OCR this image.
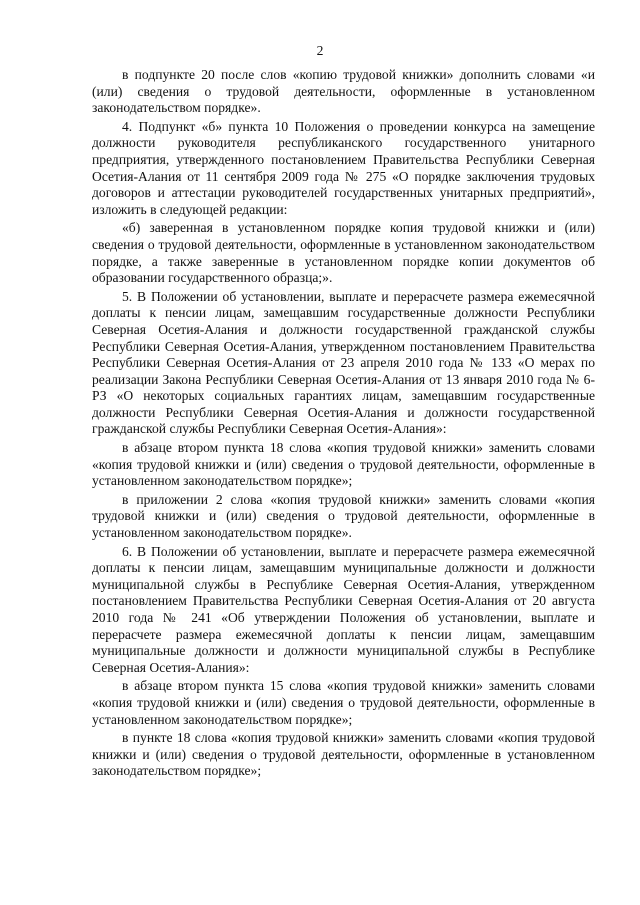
2

в подпункте 20 после слов «копию трудовой книжки» дополнить словами «и (или) сведения о трудовой деятельности, оформленные в установленном законодательством порядке».

4. Подпункт «б» пункта 10 Положения о проведении конкурса на замещение должности руководителя республиканского государственного унитарного предприятия, утвержденного постановлением Правительства Республики Северная Осетия-Алания от 11 сентября 2009 года № 275 «О порядке заключения трудовых договоров и аттестации руководителей государственных унитарных предприятий», изложить в следующей редакции:

«б) заверенная в установленном порядке копия трудовой книжки и (или) сведения о трудовой деятельности, оформленные в установленном законодательством порядке, а также заверенные в установленном порядке копии документов об образовании государственного образца;».

5. В Положении об установлении, выплате и перерасчете размера ежемесячной доплаты к пенсии лицам, замещавшим государственные должности Республики Северная Осетия-Алания и должности государственной гражданской службы Республики Северная Осетия-Алания, утвержденном постановлением Правительства Республики Северная Осетия-Алания от 23 апреля 2010 года № 133 «О мерах по реализации Закона Республики Северная Осетия-Алания от 13 января 2010 года № 6-РЗ «О некоторых социальных гарантиях лицам, замещавшим государственные должности Республики Северная Осетия-Алания и должности государственной гражданской службы Республики Северная Осетия-Алания»:

в абзаце втором пункта 18 слова «копия трудовой книжки» заменить словами «копия трудовой книжки и (или) сведения о трудовой деятельности, оформленные в установленном законодательством порядке»;

в приложении 2 слова «копия трудовой книжки» заменить словами «копия трудовой книжки и (или) сведения о трудовой деятельности, оформленные в установленном законодательством порядке».

6. В Положении об установлении, выплате и перерасчете размера ежемесячной доплаты к пенсии лицам, замещавшим муниципальные должности и должности муниципальной службы в Республике Северная Осетия-Алания, утвержденном постановлением Правительства Республики Северная Осетия-Алания от 20 августа 2010 года № 241 «Об утверждении Положения об установлении, выплате и перерасчете размера ежемесячной доплаты к пенсии лицам, замещавшим муниципальные должности и должности муниципальной службы в Республике Северная Осетия-Алания»:

в абзаце втором пункта 15 слова «копия трудовой книжки» заменить словами «копия трудовой книжки и (или) сведения о трудовой деятельности, оформленные в установленном законодательством порядке»;

в пункте 18 слова «копия трудовой книжки» заменить словами «копия трудовой книжки и (или) сведения о трудовой деятельности, оформленные в установленном законодательством порядке»;
